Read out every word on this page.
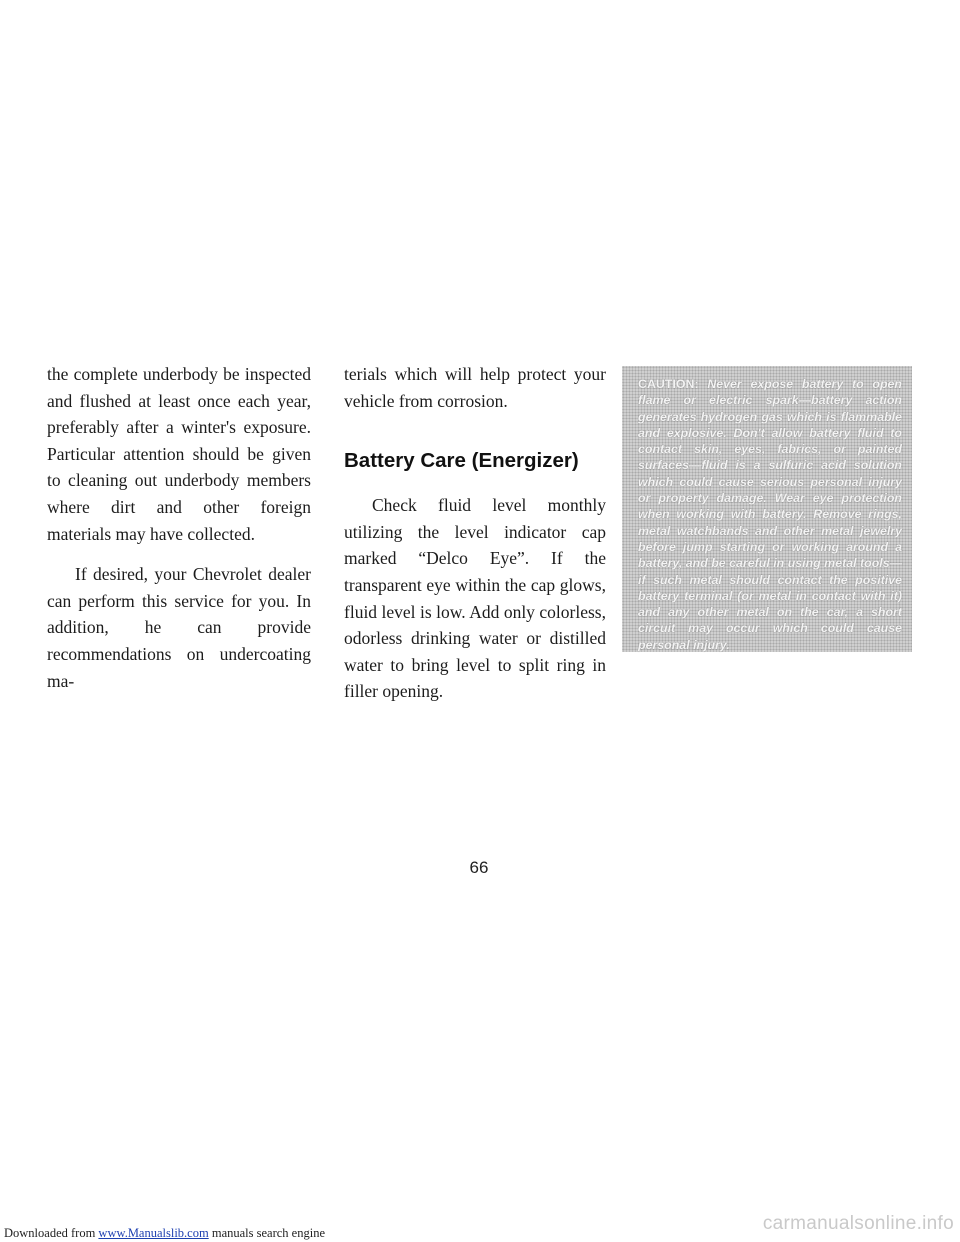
the complete underbody be inspected and flushed at least once each year, preferably after a winter's exposure. Particular attention should be given to cleaning out underbody members where dirt and other foreign materials may have collected.

If desired, your Chevrolet dealer can perform this service for you. In addition, he can provide recommendations on undercoating ma-

terials which will help protect your vehicle from corrosion.

Battery Care (Energizer)

Check fluid level monthly utilizing the level indicator cap marked “Delco Eye”. If the transparent eye within the cap glows, fluid level is low. Add only colorless, odorless drinking water or distilled water to bring level to split ring in filler opening.

CAUTION: Never expose battery to open flame or electric spark—battery action generates hydrogen gas which is flammable and explosive. Don't allow battery fluid to contact skin, eyes, fabrics, or painted surfaces—fluid is a sulfuric acid solution which could cause serious personal injury or property damage. Wear eye protection when working with battery. Remove rings, metal watchbands and other metal jewelry before jump starting or working around a battery, and be careful in using metal tools—if such metal should contact the positive battery terminal (or metal in contact with it) and any other metal on the car, a short circuit may occur which could cause personal injury.
66
Downloaded from www.Manualslib.com manuals search engine	carmanualsonline.info
